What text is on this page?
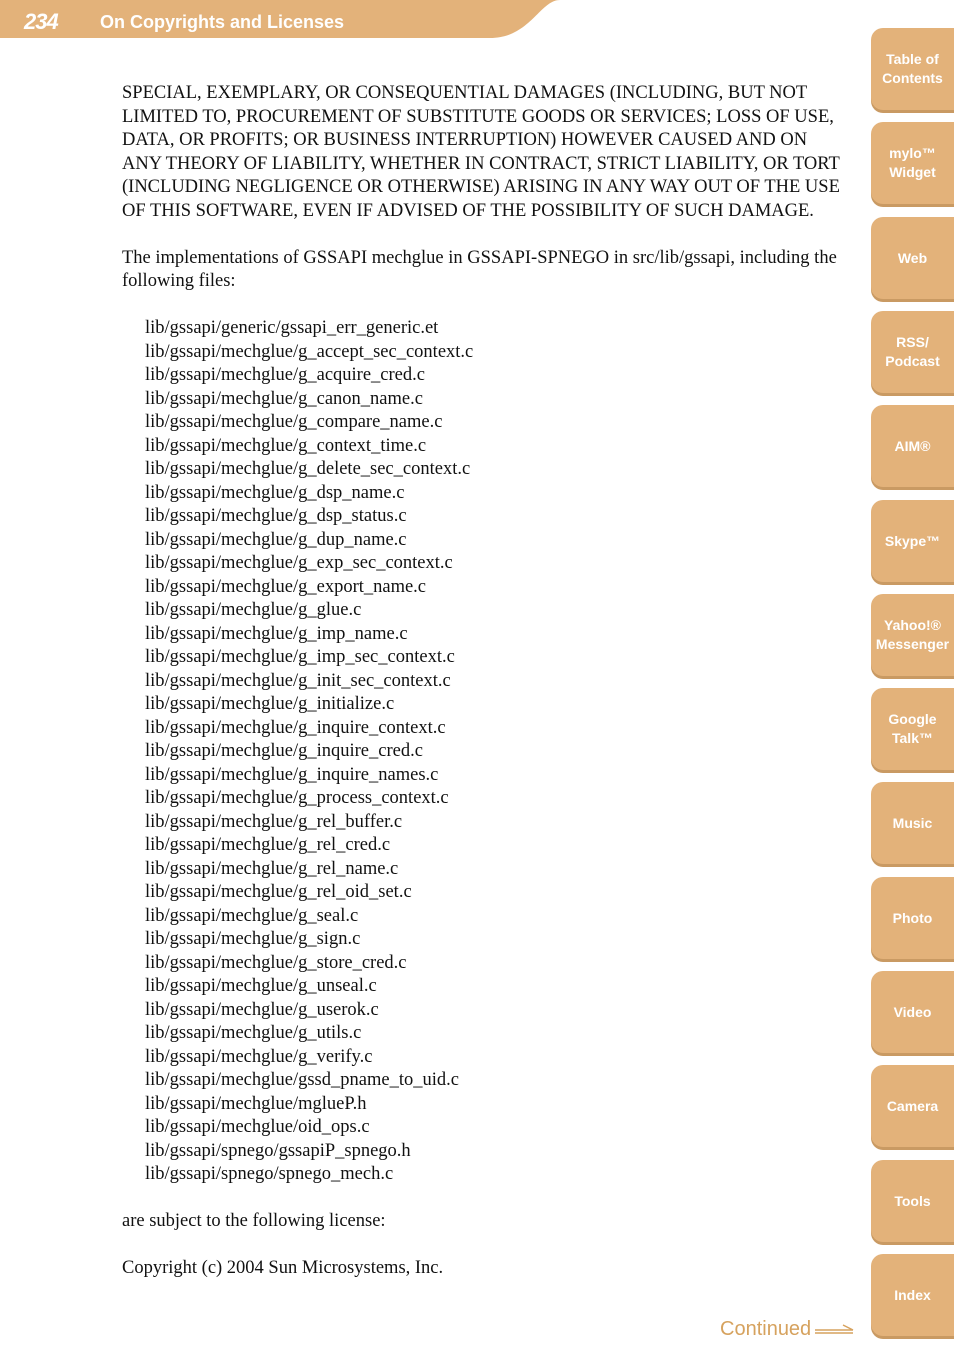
234 On Copyrights and Licenses

SPECIAL, EXEMPLARY, OR CONSEQUENTIAL DAMAGES (INCLUDING, BUT NOT LIMITED TO, PROCUREMENT OF SUBSTITUTE GOODS OR SERVICES; LOSS OF USE, DATA, OR PROFITS; OR BUSINESS INTERRUPTION) HOWEVER CAUSED AND ON ANY THEORY OF LIABILITY, WHETHER IN CONTRACT, STRICT LIABILITY, OR TORT (INCLUDING NEGLIGENCE OR OTHERWISE) ARISING IN ANY WAY OUT OF THE USE OF THIS SOFTWARE, EVEN IF ADVISED OF THE POSSIBILITY OF SUCH DAMAGE.

The implementations of GSSAPI mechglue in GSSAPI-SPNEGO in src/lib/gssapi, including the following files:

lib/gssapi/generic/gssapi_err_generic.et
lib/gssapi/mechglue/g_accept_sec_context.c
lib/gssapi/mechglue/g_acquire_cred.c
lib/gssapi/mechglue/g_canon_name.c
lib/gssapi/mechglue/g_compare_name.c
lib/gssapi/mechglue/g_context_time.c
lib/gssapi/mechglue/g_delete_sec_context.c
lib/gssapi/mechglue/g_dsp_name.c
lib/gssapi/mechglue/g_dsp_status.c
lib/gssapi/mechglue/g_dup_name.c
lib/gssapi/mechglue/g_exp_sec_context.c
lib/gssapi/mechglue/g_export_name.c
lib/gssapi/mechglue/g_glue.c
lib/gssapi/mechglue/g_imp_name.c
lib/gssapi/mechglue/g_imp_sec_context.c
lib/gssapi/mechglue/g_init_sec_context.c
lib/gssapi/mechglue/g_initialize.c
lib/gssapi/mechglue/g_inquire_context.c
lib/gssapi/mechglue/g_inquire_cred.c
lib/gssapi/mechglue/g_inquire_names.c
lib/gssapi/mechglue/g_process_context.c
lib/gssapi/mechglue/g_rel_buffer.c
lib/gssapi/mechglue/g_rel_cred.c
lib/gssapi/mechglue/g_rel_name.c
lib/gssapi/mechglue/g_rel_oid_set.c
lib/gssapi/mechglue/g_seal.c
lib/gssapi/mechglue/g_sign.c
lib/gssapi/mechglue/g_store_cred.c
lib/gssapi/mechglue/g_unseal.c
lib/gssapi/mechglue/g_userok.c
lib/gssapi/mechglue/g_utils.c
lib/gssapi/mechglue/g_verify.c
lib/gssapi/mechglue/gssd_pname_to_uid.c
lib/gssapi/mechglue/mglueP.h
lib/gssapi/mechglue/oid_ops.c
lib/gssapi/spnego/gssapiP_spnego.h
lib/gssapi/spnego/spnego_mech.c

are subject to the following license:

Copyright (c) 2004 Sun Microsystems, Inc.

Table of Contents
mylo™ Widget
Web
RSS/ Podcast
AIM®
Skype™
Yahoo!® Messenger
Google Talk™
Music
Photo
Video
Camera
Tools
Index
Continued
